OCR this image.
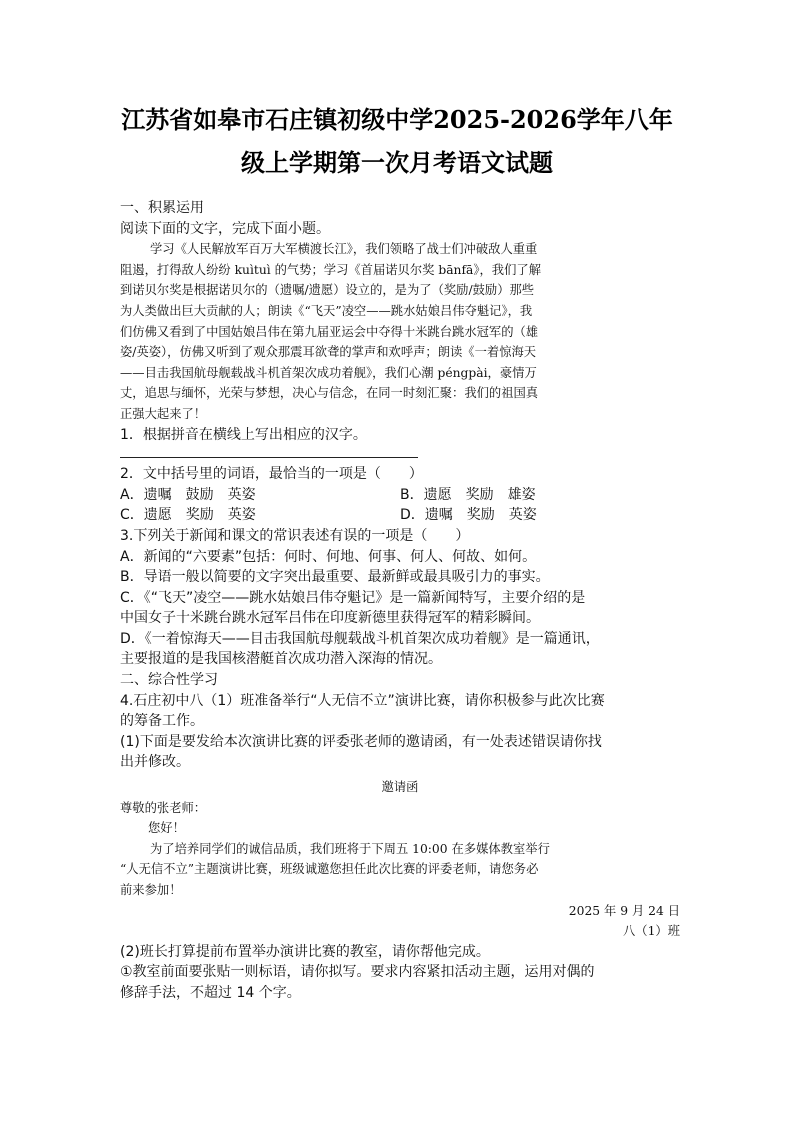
江苏省如皋市石庄镇初级中学2025-2026学年八年
级上学期第一次月考语文试题
一、积累运用
阅读下面的文字，完成下面小题。
学习《人民解放军百万大军横渡长江》，我们领略了战士们冲破敌人重重
阻遏，打得敌人纷纷 kuìtuì 的气势；学习《首届诺贝尔奖 bānfā》，我们了解
到诺贝尔奖是根据诺贝尔的（遗嘱/遗愿）设立的，是为了（奖励/鼓励）那些
为人类做出巨大贡献的人；朗读《“飞天”凌空——跳水姑娘吕伟夺魁记》，我
们仿佛又看到了中国姑娘吕伟在第九届亚运会中夺得十米跳台跳水冠军的（雄
姿/英姿），仿佛又听到了观众那震耳欲聋的掌声和欢呼声；朗读《一着惊海天
——目击我国航母舰载战斗机首架次成功着舰》，我们心潮 péngpài，豪情万
丈，追思与缅怀，光荣与梦想，决心与信念，在同一时刻汇聚：我们的祖国真
正强大起来了！
1．根据拼音在横线上写出相应的汉字。
2．文中括号里的词语，最恰当的一项是（　　）
A．遗嘱　鼓励　英姿	B．遗愿　奖励　雄姿
C．遗愿　奖励　英姿	D．遗嘱　奖励　英姿
3.下列关于新闻和课文的常识表述有误的一项是（　　）
A．新闻的“六要素”包括：何时、何地、何事、何人、何故、如何。
B．导语一般以简要的文字突出最重要、最新鲜或最具吸引力的事实。
C．《“飞天”凌空——跳水姑娘吕伟夺魁记》是一篇新闻特写，主要介绍的是
中国女子十米跳台跳水冠军吕伟在印度新德里获得冠军的精彩瞬间。
D．《一着惊海天——目击我国航母舰载战斗机首架次成功着舰》是一篇通讯，
主要报道的是我国核潜艇首次成功潜入深海的情况。
二、综合性学习
4.石庄初中八（1）班准备举行“人无信不立”演讲比赛，请你积极参与此次比赛
的筹备工作。
(1)下面是要发给本次演讲比赛的评委张老师的邀请函，有一处表述错误请你找
出并修改。
邀请函
尊敬的张老师：
您好！
为了培养同学们的诚信品质，我们班将于下周五 10:00 在多媒体教室举行
“人无信不立”主题演讲比赛，班级诚邀您担任此次比赛的评委老师，请您务必
前来参加！
2025 年 9 月 24 日
八（1）班
(2)班长打算提前布置举办演讲比赛的教室，请你帮他完成。
①教室前面要张贴一则标语，请你拟写。要求内容紧扣活动主题，运用对偶的
修辞手法，不超过 14 个字。
